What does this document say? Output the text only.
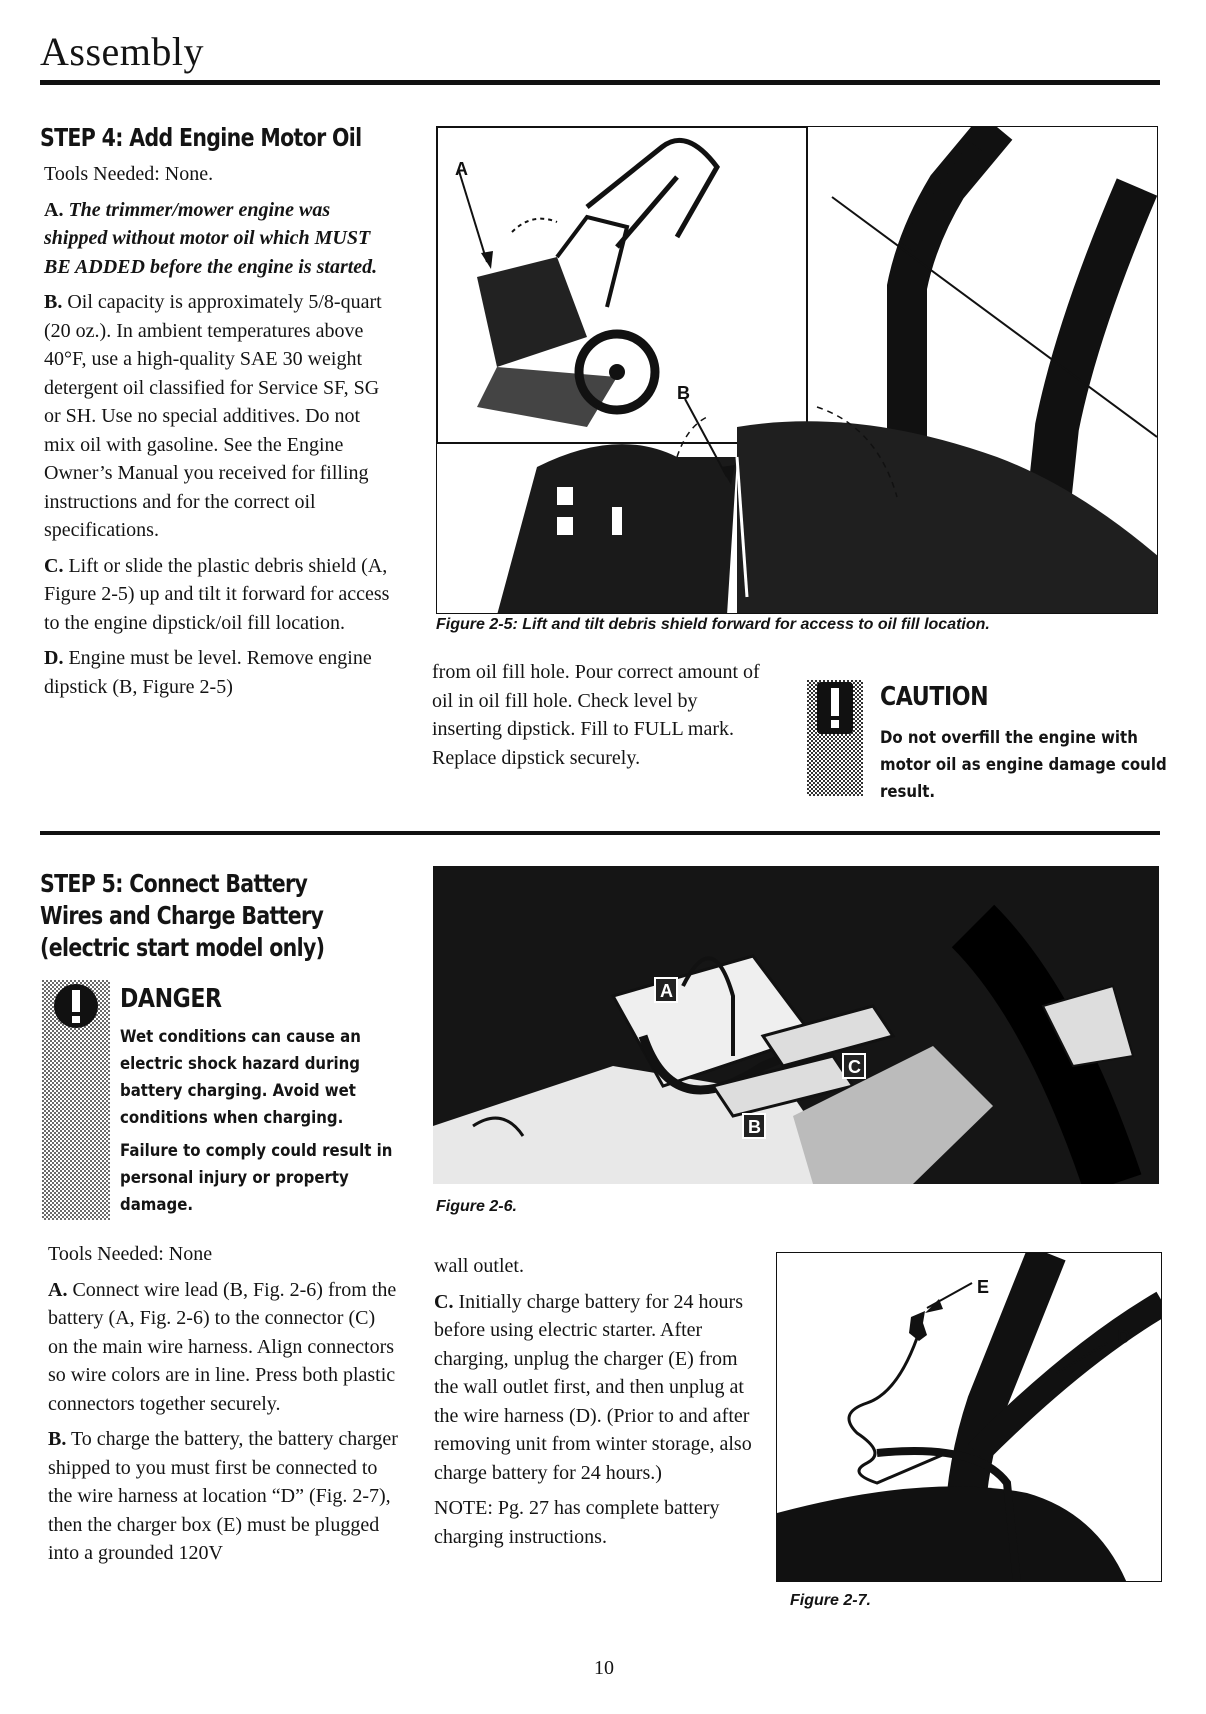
Assembly
STEP 4: Add Engine Motor Oil

Tools Needed: None.

A. The trimmer/mower engine was shipped without motor oil which MUST BE ADDED before the engine is started.

B. Oil capacity is approximately 5/8-quart (20 oz.). In ambient temperatures above 40°F, use a high-quality SAE 30 weight detergent oil classified for Service SF, SG or SH. Use no special additives. Do not mix oil with gasoline. See the Engine Owner’s Manual you received for filling instructions and for the correct oil specifications.

C. Lift or slide the plastic debris shield (A, Figure 2-5) up and tilt it forward for access to the engine dipstick/oil fill location.

D. Engine must be level. Remove engine dipstick (B, Figure 2-5)

A
B
Figure 2-5: Lift and tilt debris shield forward for access to oil fill location.
from oil fill hole. Pour correct amount of oil in oil fill hole. Check level by inserting dipstick. Fill to FULL mark. Replace dipstick securely.
CAUTION
Do not overfill the engine with motor oil as engine damage could result.
STEP 5: Connect Battery
Wires and Charge Battery
(electric start model only)
DANGER

Wet conditions can cause an electric shock hazard during battery charging. Avoid wet conditions when charging.

Failure to comply could result in personal injury or property damage.

Tools Needed: None

A. Connect wire lead (B, Fig. 2-6) from the battery (A, Fig. 2-6) to the connector (C) on the main wire harness. Align connectors so wire colors are in line. Press both plastic connectors together securely.

B. To charge the battery, the battery charger shipped to you must first be connected to the wire harness at location “D” (Fig. 2-7), then the charger box (E) must be plugged into a grounded 120V

A
B
C
Figure 2-6.

wall outlet.

C. Initially charge battery for 24 hours before using electric starter. After charging, unplug the charger (E) from the wall outlet first, and then unplug at the wire harness (D). (Prior to and after removing unit from winter storage, also charge battery for 24 hours.)

NOTE: Pg. 27 has complete battery charging instructions.

E
D
Figure 2-7.
10
